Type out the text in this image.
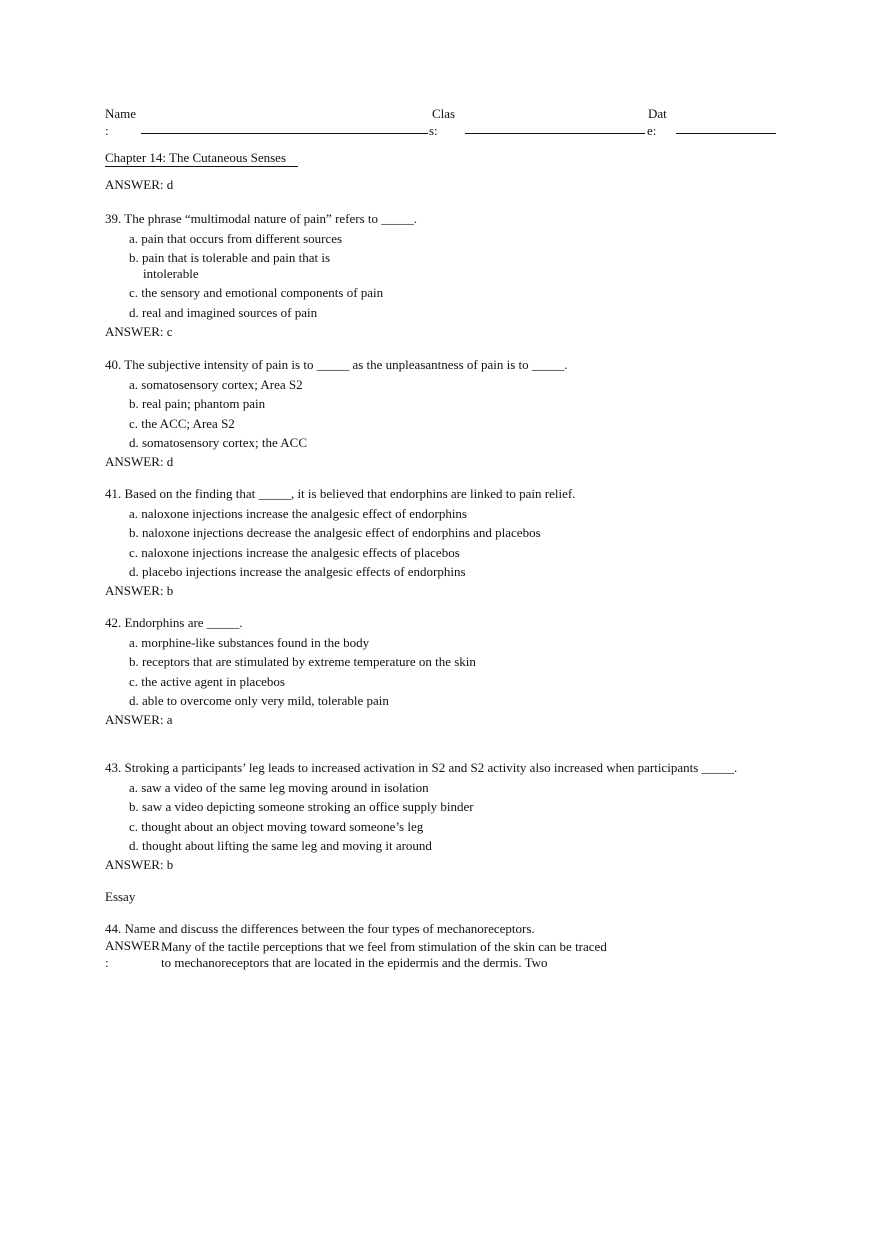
Name
:
Clas
s:
Dat
e:
Chapter 14: The Cutaneous Senses
ANSWER: d
39. The phrase “multimodal nature of pain” refers to _____.
a. pain that occurs from different sources
b. pain that is tolerable and pain that is intolerable
c. the sensory and emotional components of pain
d. real and imagined sources of pain
ANSWER: c
40. The subjective intensity of pain is to _____ as the unpleasantness of pain is to _____.
a. somatosensory cortex; Area S2
b. real pain; phantom pain
c. the ACC; Area S2
d. somatosensory cortex; the ACC
ANSWER: d
41. Based on the finding that _____, it is believed that endorphins are linked to pain relief.
a. naloxone injections increase the analgesic effect of endorphins
b. naloxone injections decrease the analgesic effect of endorphins and placebos
c. naloxone injections increase the analgesic effects of placebos
d. placebo injections increase the analgesic effects of endorphins
ANSWER: b
42. Endorphins are _____.
a. morphine-like substances found in the body
b. receptors that are stimulated by extreme temperature on the skin
c. the active agent in placebos
d. able to overcome only very mild, tolerable pain
ANSWER: a
43. Stroking a participants’ leg leads to increased activation in S2 and S2 activity also increased when participants _____.
a. saw a video of the same leg moving around in isolation
b. saw a video depicting someone stroking an office supply binder
c. thought about an object moving toward someone’s leg
d. thought about lifting the same leg and moving it around
ANSWER: b
Essay
44. Name and discuss the differences between the four types of mechanoreceptors.
ANSWER
:
Many of the tactile perceptions that we feel from stimulation of the skin can be traced
to mechanoreceptors that are located in the epidermis and the dermis. Two
